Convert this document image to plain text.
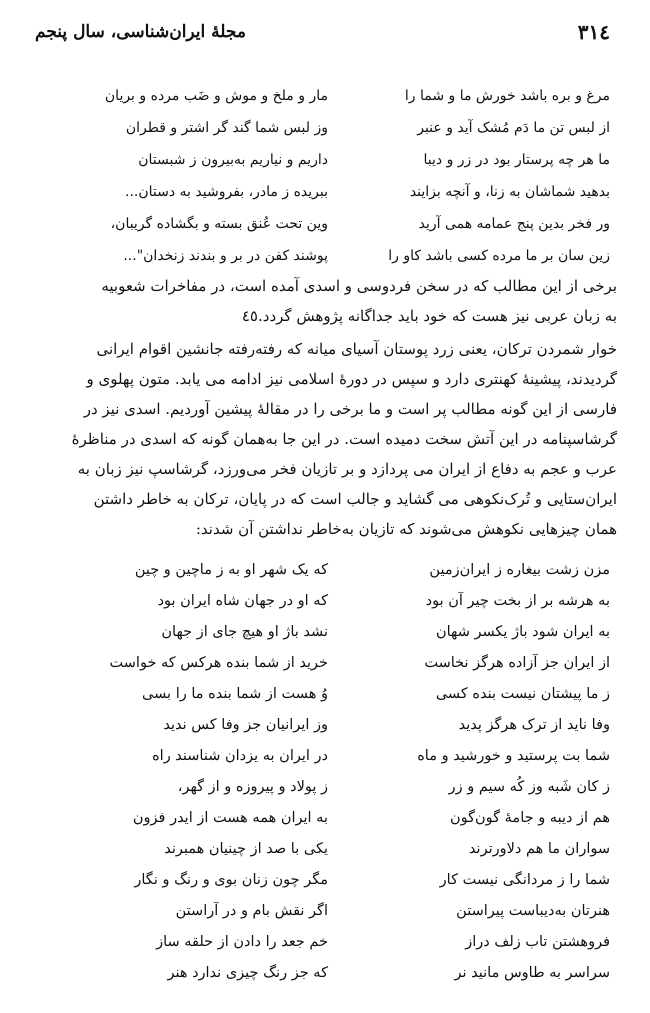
٣١٤
مجلهٔ ایران‌شناسی، سال پنجم
مرغ و بره باشد خورش ما و شما را
از لبس تن ما دَم مُشک آید و عنبر
ما هر چه پرستار بود در زر و دیبا
بدهید شماشان به زنا، و آنچه بزایند
ور فخر بدین پنج عمامه همی آرید
زین سان بر ما مرده کسی باشد کاو را
مار و ملخ و موش و ضَب مرده و بریان
وز لبس شما گند گر اشتر و قطران
داریم و نیاریم به‌بیرون ز شبستان
ببریده ز مادر، بفروشید به دستان...
وین تحت عُنق بسته و بگشاده گریبان،
پوشند کفن در بر و بندند زنخدان"...
برخی از این مطالب که در سخن فردوسی و اسدی آمده است، در مفاخرات شعوبیه
به زبان عربی نیز هست که خود باید جداگانه پژوهش گردد.٤٥
خوار شمردن ترکان، یعنی زرد پوستان آسیای میانه که رفته‌رفته جانشین اقوام ایرانی
گردیدند، پیشینهٔ کهنتری دارد و سپس در دورهٔ اسلامی نیز ادامه می یابد. متون پهلوی و
فارسی از این گونه مطالب پر است و ما برخی را در مقالهٔ پیشین آوردیم. اسدی نیز در
گرشاسپنامه در این آتش سخت دمیده است. در این جا به‌همان گونه که اسدی در مناظرهٔ
عرب و عجم به دفاع از ایران می پردازد و بر تازیان فخر می‌ورزد، گرشاسپ نیز زبان به
ایران‌ستایی و تُرک‌نکوهی می گشاید و جالب است که در پایان، ترکان به خاطر داشتن
همان چیزهایی نکوهش می‌شوند که تازیان به‌خاطر نداشتن آن شدند:
مزن زشت بیغاره ز ایران‌زمین
به هرشه بر از بخت چیر آن بود
به ایران شود باژ یکسر شهان
از ایران جز آزاده هرگز نخاست
ز ما پیشتان نیست بنده کسی
وفا ناید از ترک هرگز پدید
شما بت پرستید و خورشید و ماه
ز کان شَبه وز کُه سیم و زر
هم از دیبه و جامهٔ گون‌گون
سواران ما هم دلاورترند
شما را ز مردانگی نیست کار
هنرتان به‌دیباست پیراستن
فروهشتن تاب زلف دراز
سراسر به طاوس مانید نر
که یک شهر او به ز ماچین و چین
که او در جهان شاه ایران بود
نشد باژ او هیچ جای از جهان
خرید از شما بنده هرکس که خواست
وُ هست از شما بنده ما را بسی
وز ایرانیان جز وفا کس ندید
در ایران به یزدان شناسند راه
ز پولاد و پیروزه و از گهر،
به ایران همه هست از ایدر فزون
یکی با صد از چینیان همبرند
مگر چون زنان بوی و رنگ و نگار
اگر نقش بام و در آراستن
خم جعد را دادن از حلقه ساز
که جز رنگ چیزی ندارد هنر
